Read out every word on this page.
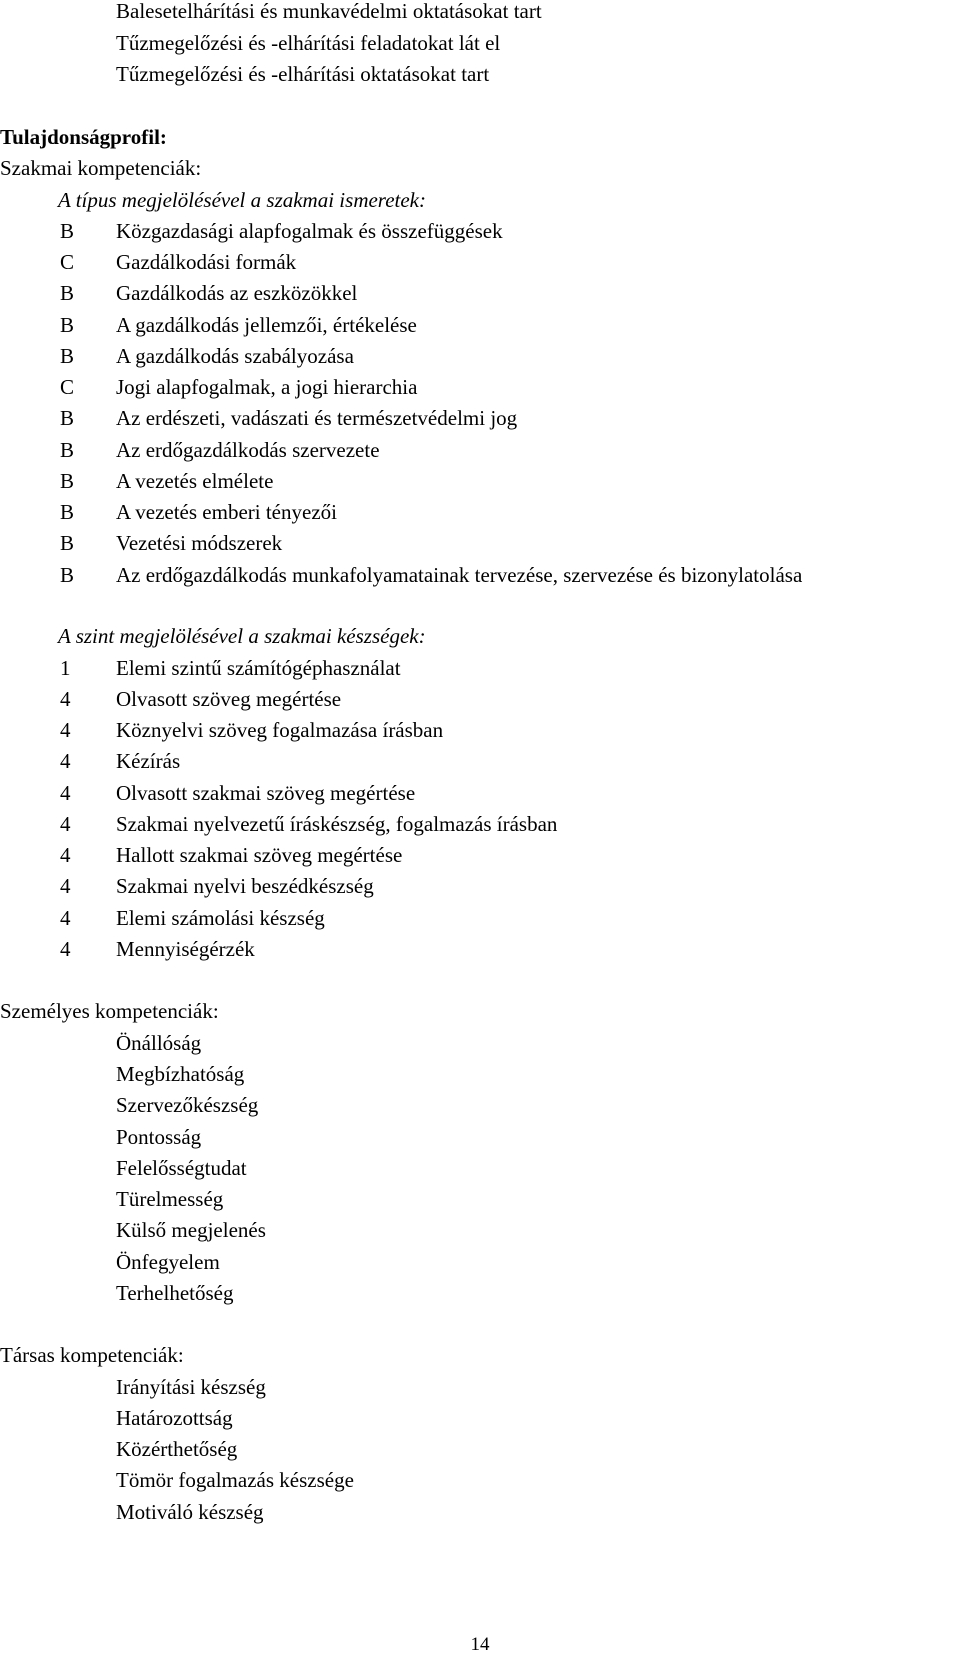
Balesetelhárítási és munkavédelmi oktatásokat tart
Tűzmegelőzési és -elhárítási feladatokat lát el
Tűzmegelőzési és -elhárítási oktatásokat tart
Tulajdonságprofil:
Szakmai kompetenciák:
A típus megjelölésével a szakmai ismeretek:
B	Közgazdasági alapfogalmak és összefüggések
C	Gazdálkodási formák
B	Gazdálkodás az eszközökkel
B	A gazdálkodás jellemzői, értékelése
B	A gazdálkodás szabályozása
C	Jogi alapfogalmak, a jogi hierarchia
B	Az erdészeti, vadászati és természetvédelmi jog
B	Az erdőgazdálkodás szervezete
B	A vezetés elmélete
B	A vezetés emberi tényezői
B	Vezetési módszerek
B	Az erdőgazdálkodás munkafolyamatainak tervezése, szervezése és bizonylatolása
A szint megjelölésével a szakmai készségek:
1	Elemi szintű számítógéphasználat
4	Olvasott szöveg megértése
4	Köznyelvi szöveg fogalmazása írásban
4	Kézírás
4	Olvasott szakmai szöveg megértése
4	Szakmai nyelvezetű íráskészség, fogalmazás írásban
4	Hallott szakmai szöveg megértése
4	Szakmai nyelvi beszédkészség
4	Elemi számolási készség
4	Mennyiségérzék
Személyes kompetenciák:
Önállóság
Megbízhatóság
Szervezőkészség
Pontosság
Felelősségtudat
Türelmesség
Külső megjelenés
Önfegyelem
Terhelhetőség
Társas kompetenciák:
Irányítási készség
Határozottság
Közérthetőség
Tömör fogalmazás készsége
Motiváló készség
14
